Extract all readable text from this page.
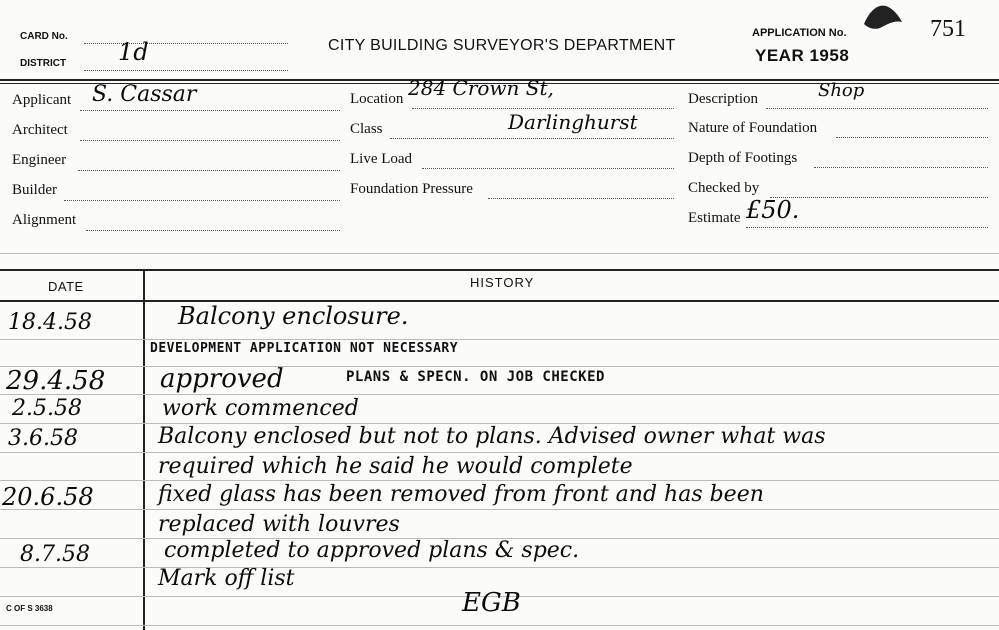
CARD No.
DISTRICT 1d	CITY BUILDING SURVEYOR'S DEPARTMENT
APPLICATION No.	751
YEAR 1958
Applicant S. Cassar
Architect
Engineer
Builder
Alignment
Location 284 Crown St,
Class	Darlinghurst
Live Load
Foundation Pressure
Description	Shop
Nature of Foundation
Depth of Footings
Checked by
Estimate £50.
DATE	HISTORY
18.4.58	Balcony enclosure.
DEVELOPMENT APPLICATION NOT NECESSARY
29.4.58 approved	PLANS & SPECN. ON JOB CHECKED
2.5.58	work commenced
3.6.58	Balcony enclosed but not to plans. Advised owner what was
required which he said he would complete
20.6.58	fixed glass has been removed from front and has been
replaced with louvres
8.7.58	completed to approved plans & spec.
Mark off list
EGB
C OF S 3638
